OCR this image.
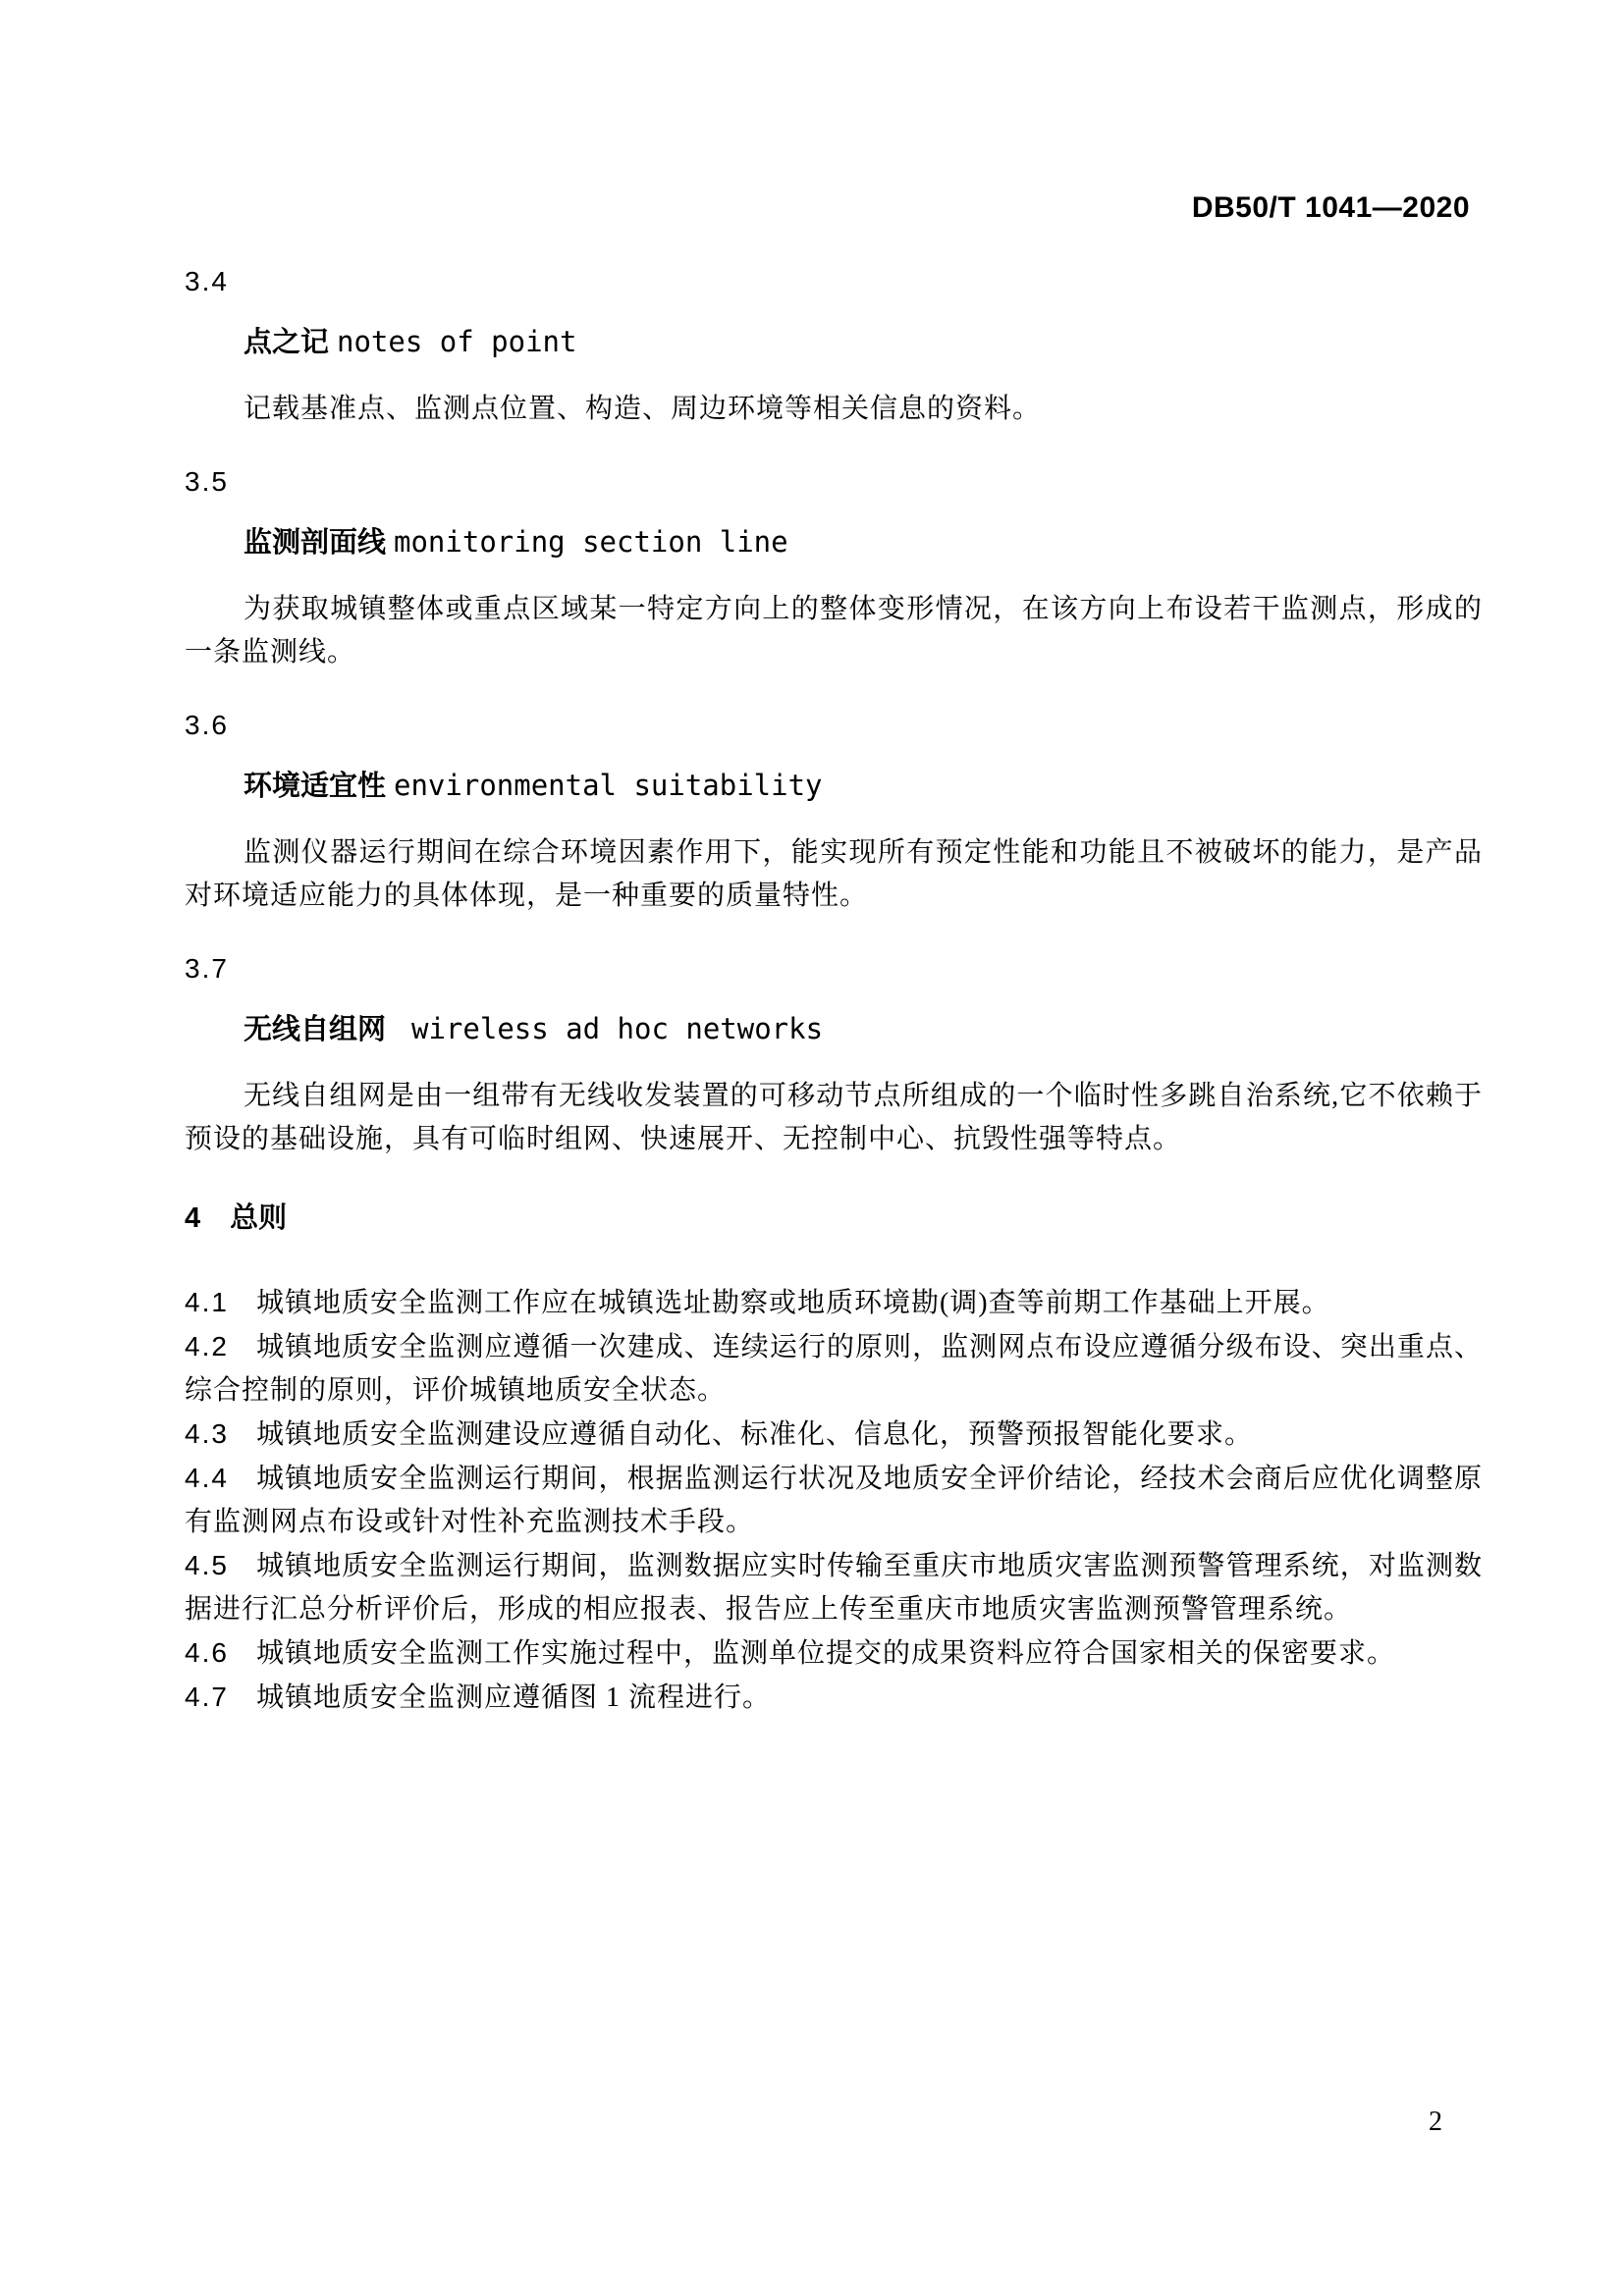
DB50/T 1041—2020

3.4

点之记 notes of point

记载基准点、监测点位置、构造、周边环境等相关信息的资料。

3.5

监测剖面线 monitoring section line

为获取城镇整体或重点区域某一特定方向上的整体变形情况，在该方向上布设若干监测点，形成的一条监测线。

3.6

环境适宜性 environmental suitability

监测仪器运行期间在综合环境因素作用下，能实现所有预定性能和功能且不被破坏的能力，是产品对环境适应能力的具体体现，是一种重要的质量特性。

3.7

无线自组网 wireless ad hoc networks

无线自组网是由一组带有无线收发装置的可移动节点所组成的一个临时性多跳自治系统,它不依赖于预设的基础设施，具有可临时组网、快速展开、无控制中心、抗毁性强等特点。

4 总则

4.1 城镇地质安全监测工作应在城镇选址勘察或地质环境勘(调)查等前期工作基础上开展。

4.2 城镇地质安全监测应遵循一次建成、连续运行的原则，监测网点布设应遵循分级布设、突出重点、综合控制的原则，评价城镇地质安全状态。

4.3 城镇地质安全监测建设应遵循自动化、标准化、信息化，预警预报智能化要求。

4.4 城镇地质安全监测运行期间，根据监测运行状况及地质安全评价结论，经技术会商后应优化调整原有监测网点布设或针对性补充监测技术手段。

4.5 城镇地质安全监测运行期间，监测数据应实时传输至重庆市地质灾害监测预警管理系统，对监测数据进行汇总分析评价后，形成的相应报表、报告应上传至重庆市地质灾害监测预警管理系统。

4.6 城镇地质安全监测工作实施过程中，监测单位提交的成果资料应符合国家相关的保密要求。

4.7 城镇地质安全监测应遵循图 1 流程进行。

2
